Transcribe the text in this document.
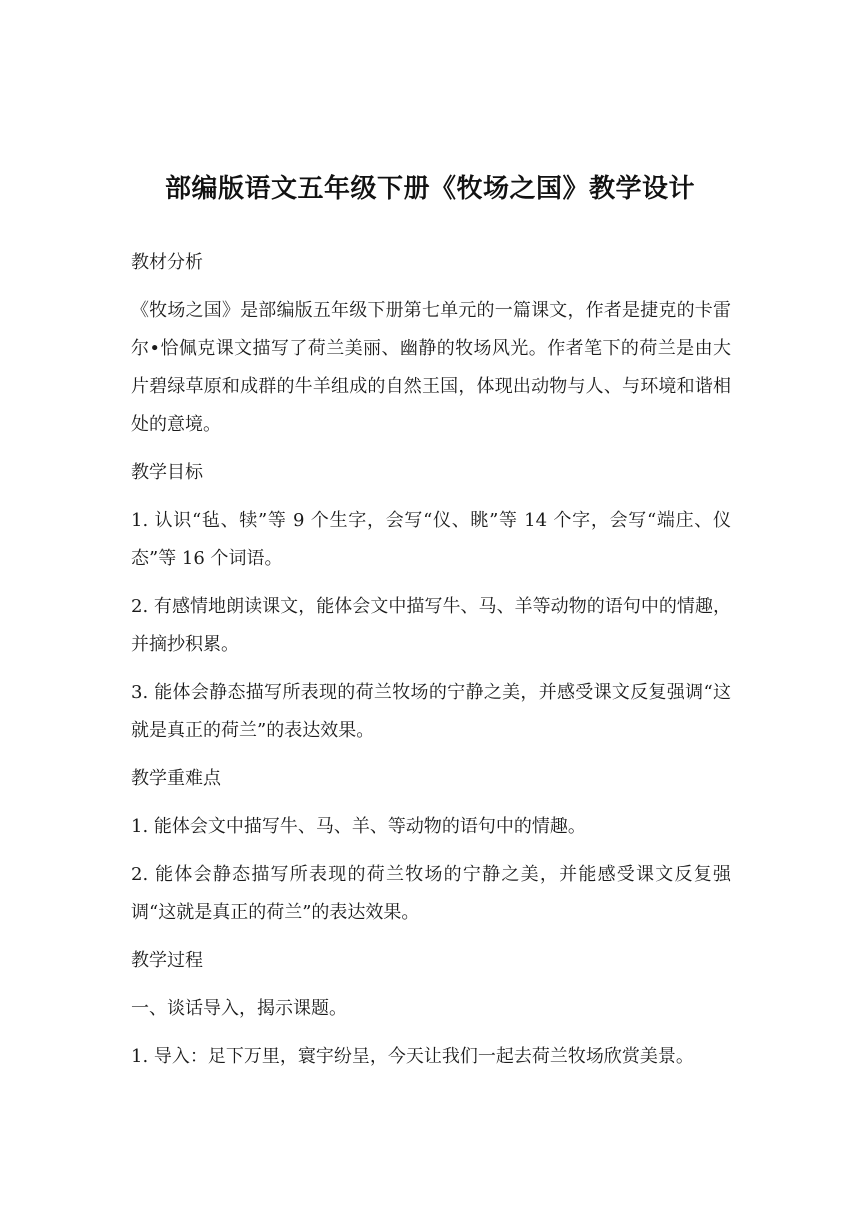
部编版语文五年级下册《牧场之国》教学设计

教材分析

《牧场之国》是部编版五年级下册第七单元的一篇课文，作者是捷克的卡雷尔•恰佩克课文描写了荷兰美丽、幽静的牧场风光。作者笔下的荷兰是由大片碧绿草原和成群的牛羊组成的自然王国，体现出动物与人、与环境和谐相处的意境。

教学目标

1. 认识“毡、犊”等 9 个生字，会写“仪、眺”等 14 个字，会写“端庄、仪态”等 16 个词语。

2. 有感情地朗读课文，能体会文中描写牛、马、羊等动物的语句中的情趣，并摘抄积累。

3. 能体会静态描写所表现的荷兰牧场的宁静之美，并感受课文反复强调“这就是真正的荷兰”的表达效果。

教学重难点

1. 能体会文中描写牛、马、羊、等动物的语句中的情趣。

2. 能体会静态描写所表现的荷兰牧场的宁静之美，并能感受课文反复强调“这就是真正的荷兰”的表达效果。

教学过程

一、谈话导入，揭示课题。

1. 导入：足下万里，寰宇纷呈，今天让我们一起去荷兰牧场欣赏美景。
